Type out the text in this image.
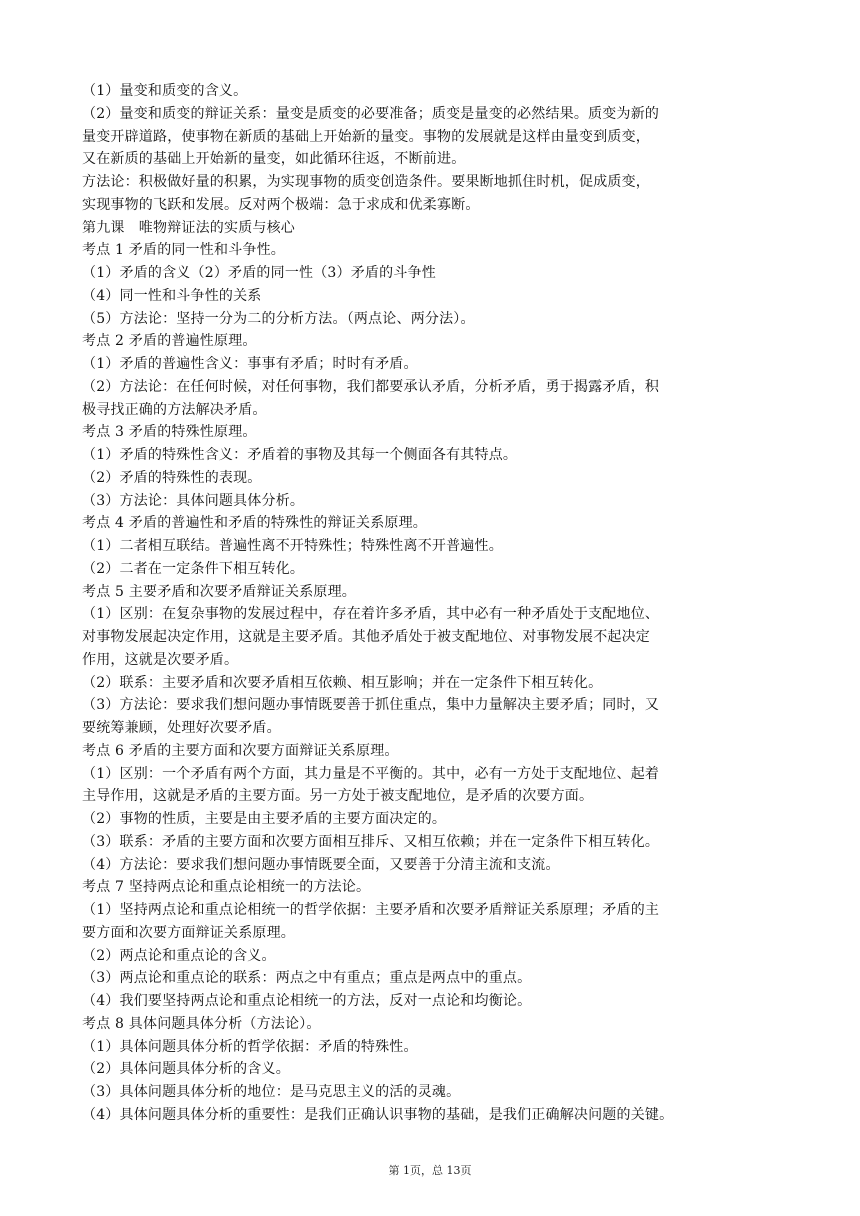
（1）量变和质变的含义。
（2）量变和质变的辩证关系：量变是质变的必要准备；质变是量变的必然结果。质变为新的
量变开辟道路，使事物在新质的基础上开始新的量变。事物的发展就是这样由量变到质变，
又在新质的基础上开始新的量变，如此循环往返，不断前进。
方法论：积极做好量的积累，为实现事物的质变创造条件。要果断地抓住时机，促成质变，
实现事物的飞跃和发展。反对两个极端：急于求成和优柔寡断。
第九课　唯物辩证法的实质与核心
考点 1 矛盾的同一性和斗争性。
（1）矛盾的含义（2）矛盾的同一性（3）矛盾的斗争性
（4）同一性和斗争性的关系
（5）方法论：坚持一分为二的分析方法。（两点论、两分法）。
考点 2 矛盾的普遍性原理。
（1）矛盾的普遍性含义：事事有矛盾；时时有矛盾。
（2）方法论：在任何时候，对任何事物，我们都要承认矛盾，分析矛盾，勇于揭露矛盾，积
极寻找正确的方法解决矛盾。
考点 3 矛盾的特殊性原理。
（1）矛盾的特殊性含义：矛盾着的事物及其每一个侧面各有其特点。
（2）矛盾的特殊性的表现。
（3）方法论：具体问题具体分析。
考点 4 矛盾的普遍性和矛盾的特殊性的辩证关系原理。
（1）二者相互联结。普遍性离不开特殊性；特殊性离不开普遍性。
（2）二者在一定条件下相互转化。
考点 5 主要矛盾和次要矛盾辩证关系原理。
（1）区别：在复杂事物的发展过程中，存在着许多矛盾，其中必有一种矛盾处于支配地位、
对事物发展起决定作用，这就是主要矛盾。其他矛盾处于被支配地位、对事物发展不起决定
作用，这就是次要矛盾。
（2）联系：主要矛盾和次要矛盾相互依赖、相互影响；并在一定条件下相互转化。
（3）方法论：要求我们想问题办事情既要善于抓住重点，集中力量解决主要矛盾；同时，又
要统筹兼顾，处理好次要矛盾。
考点 6 矛盾的主要方面和次要方面辩证关系原理。
（1）区别：一个矛盾有两个方面，其力量是不平衡的。其中，必有一方处于支配地位、起着
主导作用，这就是矛盾的主要方面。另一方处于被支配地位，是矛盾的次要方面。
（2）事物的性质，主要是由主要矛盾的主要方面决定的。
（3）联系：矛盾的主要方面和次要方面相互排斥、又相互依赖；并在一定条件下相互转化。
（4）方法论：要求我们想问题办事情既要全面，又要善于分清主流和支流。
考点 7 坚持两点论和重点论相统一的方法论。
（1）坚持两点论和重点论相统一的哲学依据：主要矛盾和次要矛盾辩证关系原理；矛盾的主
要方面和次要方面辩证关系原理。
（2）两点论和重点论的含义。
（3）两点论和重点论的联系：两点之中有重点；重点是两点中的重点。
（4）我们要坚持两点论和重点论相统一的方法，反对一点论和均衡论。
考点 8 具体问题具体分析（方法论）。
（1）具体问题具体分析的哲学依据：矛盾的特殊性。
（2）具体问题具体分析的含义。
（3）具体问题具体分析的地位：是马克思主义的活的灵魂。
（4）具体问题具体分析的重要性：是我们正确认识事物的基础，是我们正确解决问题的关键。
第 1页，总 13页
